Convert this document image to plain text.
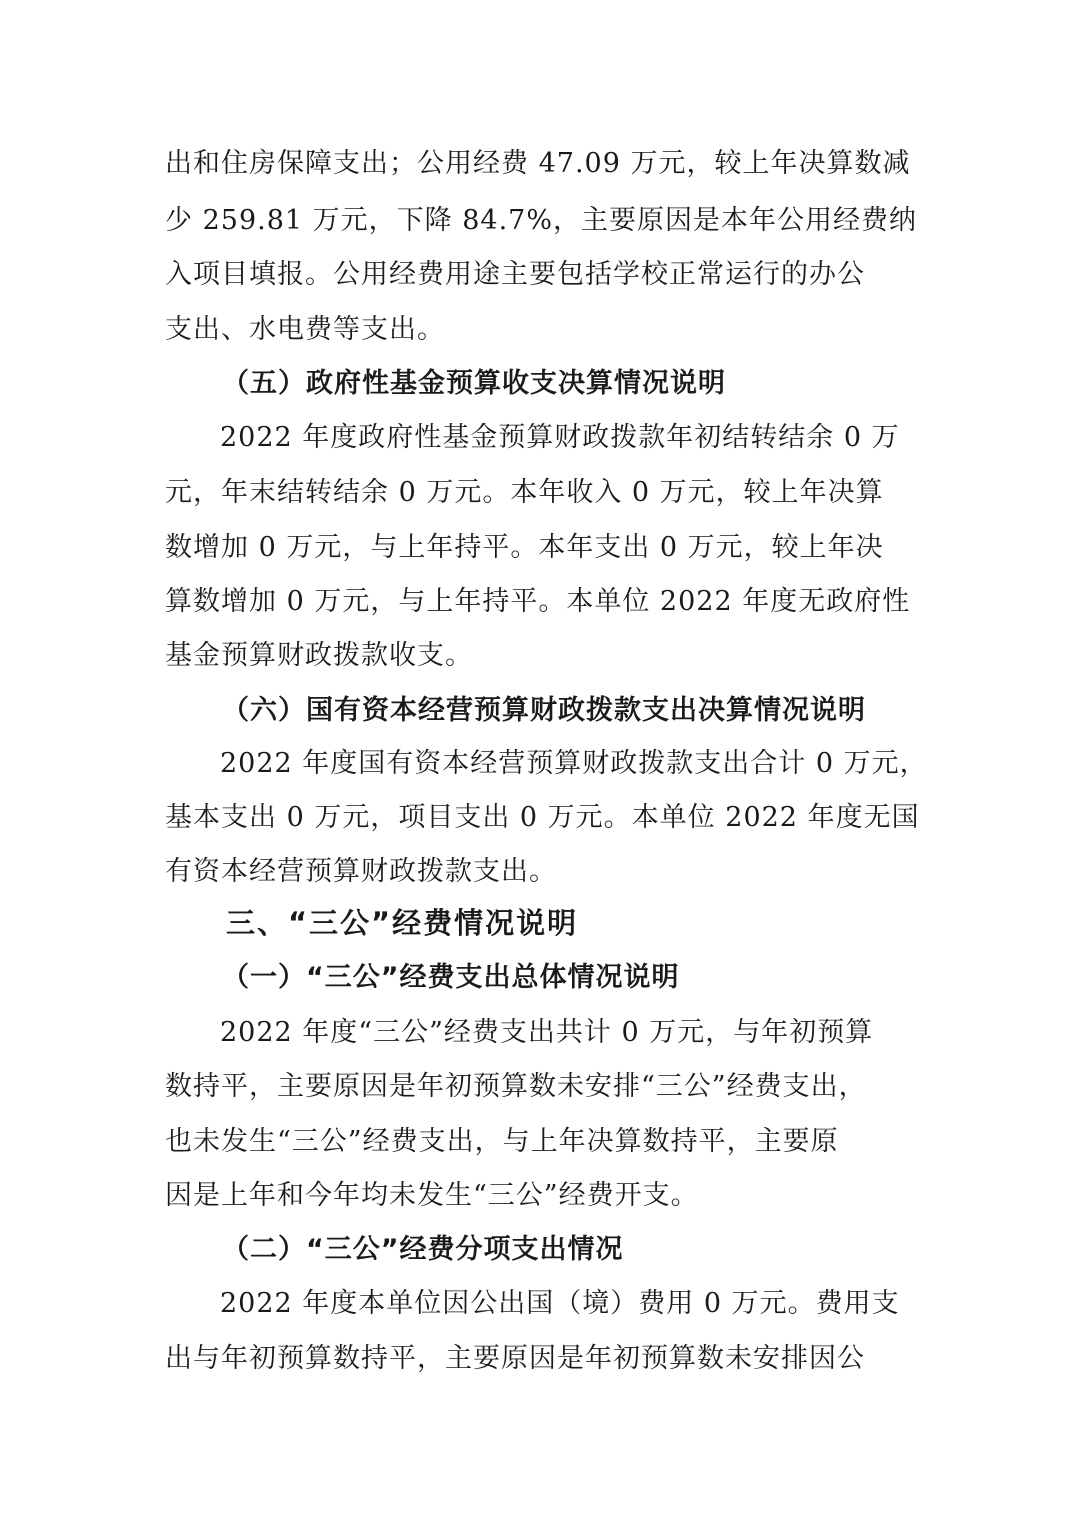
出和住房保障支出；公用经费 47.09 万元，较上年决算数减
少 259.81 万元，下降 84.7%，主要原因是本年公用经费纳
入项目填报。公用经费用途主要包括学校正常运行的办公
支出、水电费等支出。
（五）政府性基金预算收支决算情况说明
2022 年度政府性基金预算财政拨款年初结转结余 0 万
元，年末结转结余 0 万元。本年收入 0 万元，较上年决算
数增加 0 万元，与上年持平。本年支出 0 万元，较上年决
算数增加 0 万元，与上年持平。本单位 2022 年度无政府性
基金预算财政拨款收支。
（六）国有资本经营预算财政拨款支出决算情况说明
2022 年度国有资本经营预算财政拨款支出合计 0 万元，
基本支出 0 万元，项目支出 0 万元。本单位 2022 年度无国
有资本经营预算财政拨款支出。
三、“三公”经费情况说明
（一）“三公”经费支出总体情况说明
2022 年度“三公”经费支出共计 0 万元，与年初预算
数持平，主要原因是年初预算数未安排“三公”经费支出，
也未发生“三公”经费支出，与上年决算数持平，主要原
因是上年和今年均未发生“三公”经费开支。
（二）“三公”经费分项支出情况
2022 年度本单位因公出国（境）费用 0 万元。费用支
出与年初预算数持平，主要原因是年初预算数未安排因公
